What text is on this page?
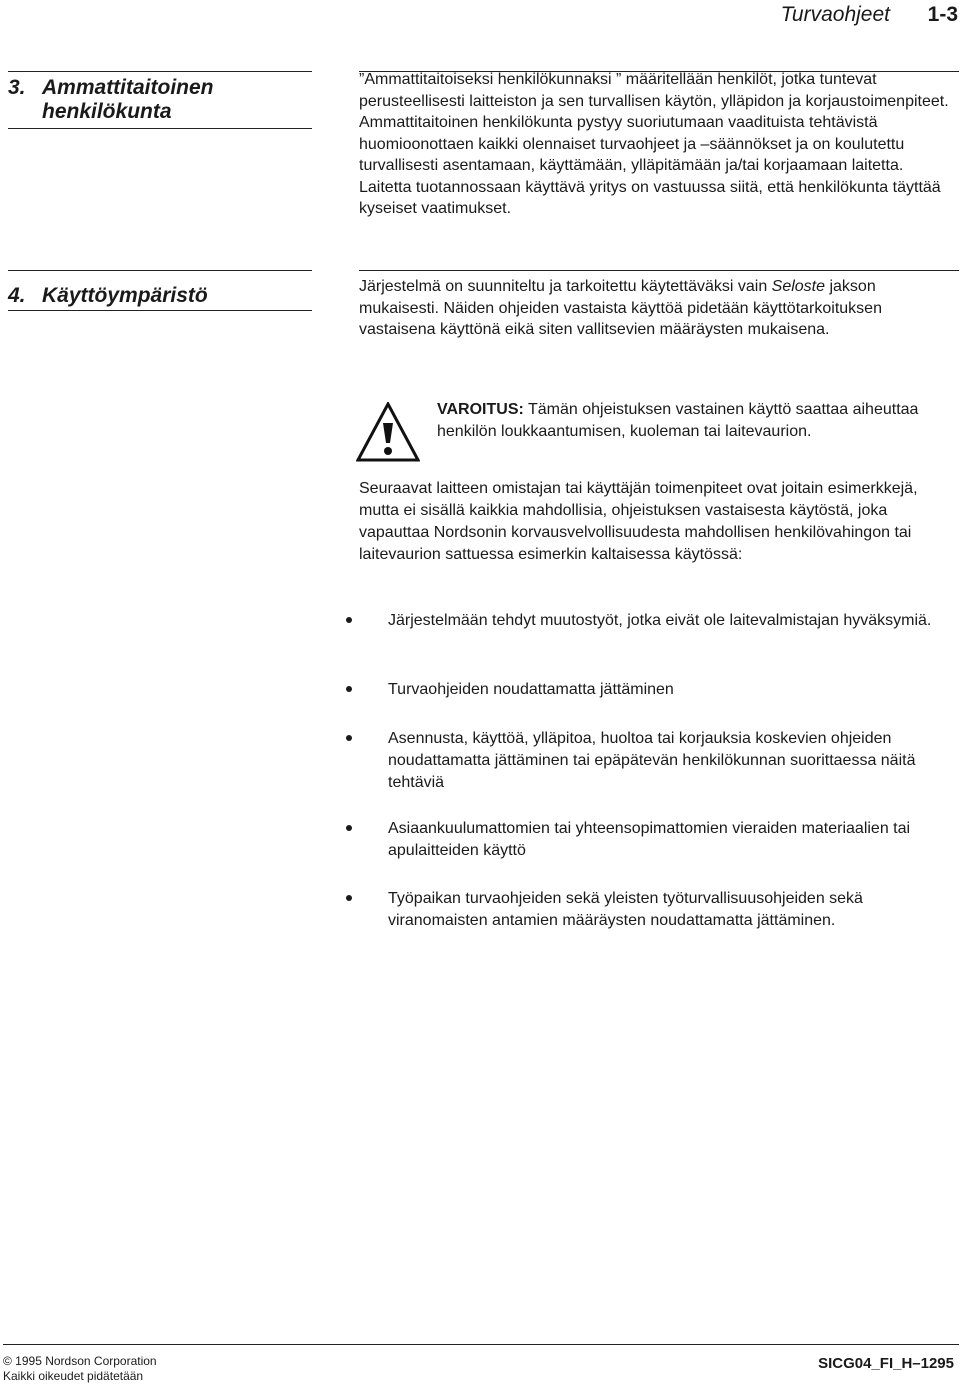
Turvaohjeet 1-3
3. Ammattitaitoinen henkilökunta

”Ammattitaitoiseksi henkilökunnaksi ” määritellään henkilöt, jotka tuntevat perusteellisesti laitteiston ja sen turvallisen käytön, ylläpidon ja korjaustoimenpiteet. Ammattitaitoinen henkilökunta pystyy suoriutumaan vaadituista tehtävistä huomioonottaen kaikki olennaiset turvaohjeet ja –säännökset ja on koulutettu turvallisesti asentamaan, käyttämään, ylläpitämään ja/tai korjaamaan laitetta. Laitetta tuotannossaan käyttävä yritys on vastuussa siitä, että henkilökunta täyttää kyseiset vaatimukset.

4. Käyttöympäristö	Järjestelmä on suunniteltu ja tarkoitettu käytettäväksi vain Seloste jakson mukaisesti. Näiden ohjeiden vastaista käyttöä pidetään käyttötarkoituksen vastaisena käyttönä eikä siten vallitsevien määräysten mukaisena.

VAROITUS: Tämän ohjeistuksen vastainen käyttö saattaa aiheuttaa henkilön loukkaantumisen, kuoleman tai laitevaurion.

Seuraavat laitteen omistajan tai käyttäjän toimenpiteet ovat joitain esimerkkejä, mutta ei sisällä kaikkia mahdollisia, ohjeistuksen vastaisesta käytöstä, joka vapauttaa Nordsonin korvausvelvollisuudesta mahdollisen henkilövahingon tai laitevaurion sattuessa esimerkin kaltaisessa käytössä:

Järjestelmään tehdyt muutostyöt, jotka eivät ole laitevalmistajan hyväksymiä.
Turvaohjeiden noudattamatta jättäminen
Asennusta, käyttöä, ylläpitoa, huoltoa tai korjauksia koskevien ohjeiden noudattamatta jättäminen tai epäpätevän henkilökunnan suorittaessa näitä tehtäviä
Asiaankuulumattomien tai yhteensopimattomien vieraiden materiaalien tai apulaitteiden käyttö
Työpaikan turvaohjeiden sekä yleisten työturvallisuusohjeiden sekä viranomaisten antamien määräysten noudattamatta jättäminen.
© 1995 Nordson Corporation
Kaikki oikeudet pidätetään
SICG04_FI_H–1295
